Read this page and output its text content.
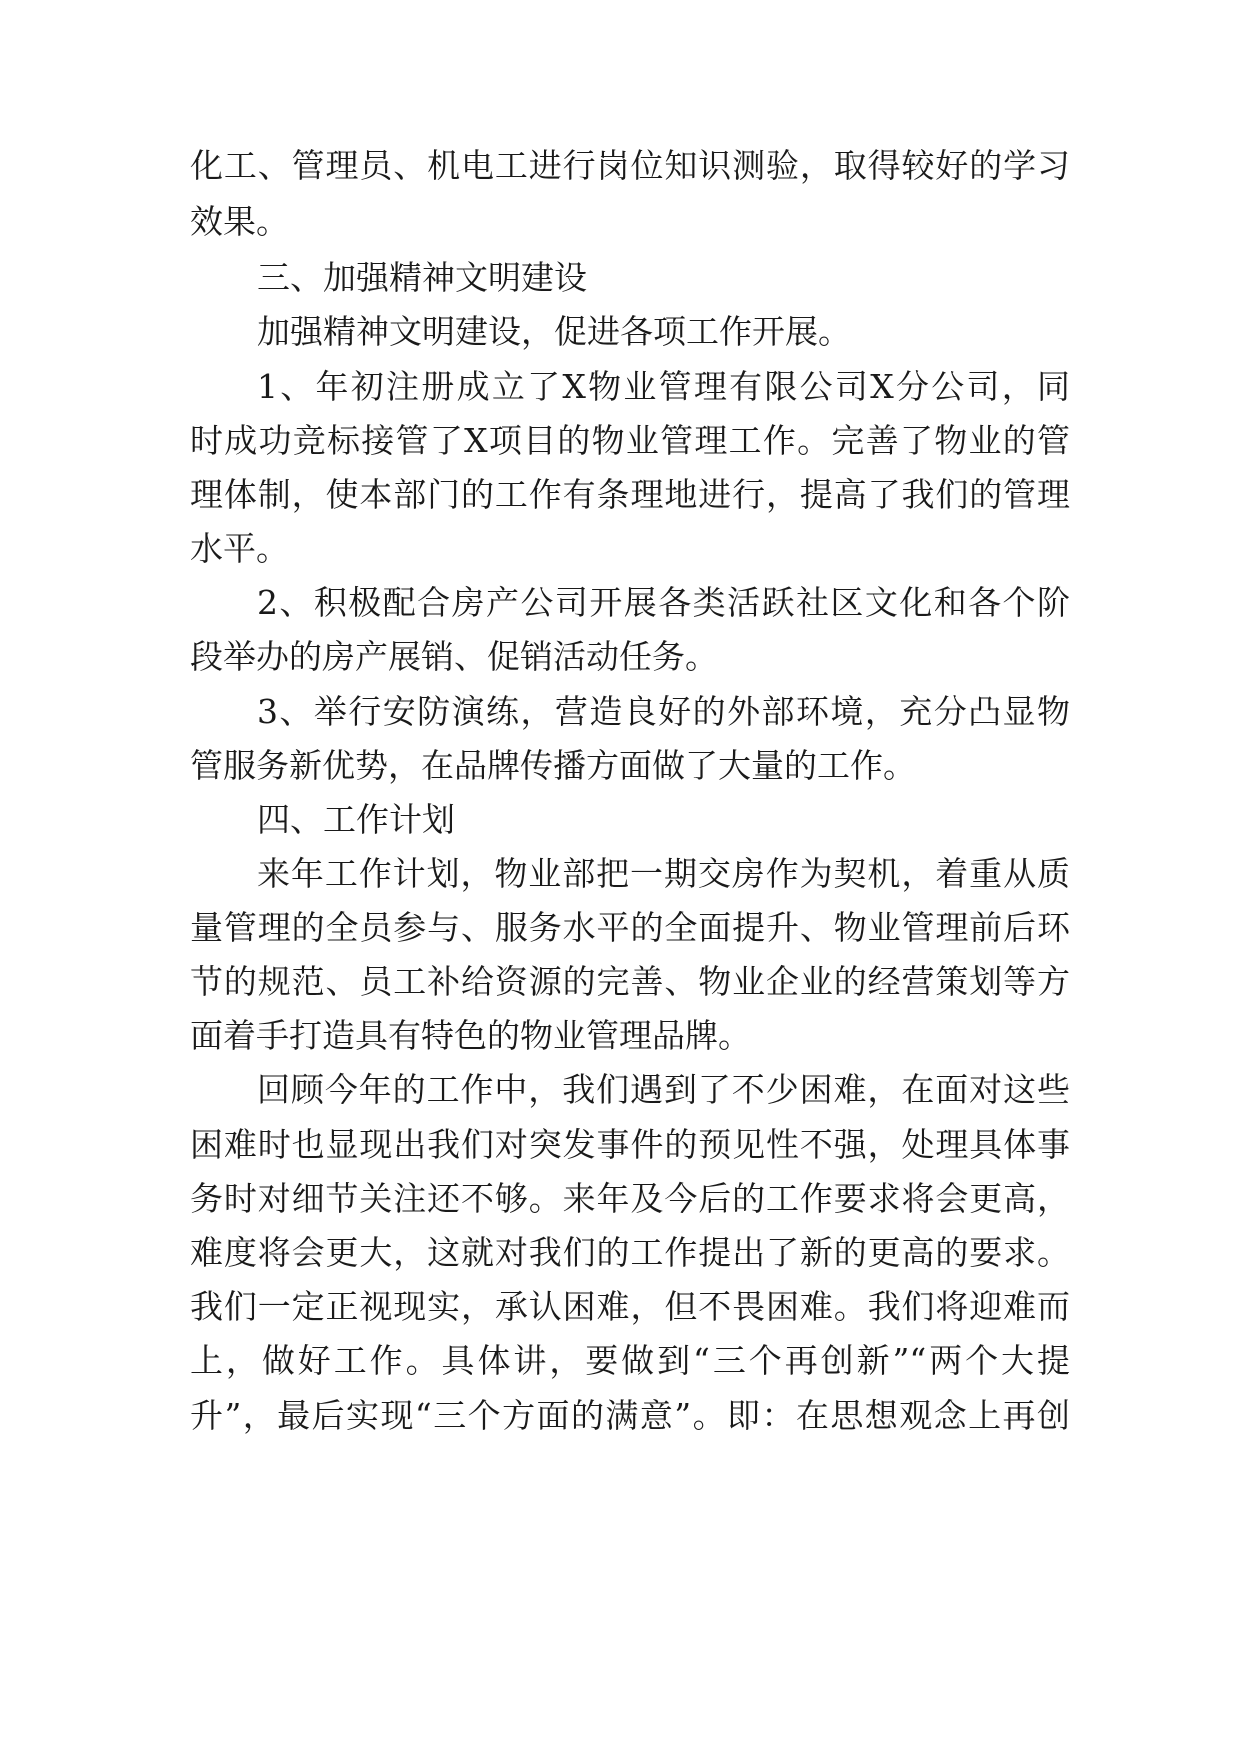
化工、管理员、机电工进行岗位知识测验，取得较好的学习
效果。
三、加强精神文明建设
加强精神文明建设，促进各项工作开展。
1、年初注册成立了X物业管理有限公司X分公司，同
时成功竞标接管了X项目的物业管理工作。完善了物业的管
理体制，使本部门的工作有条理地进行，提高了我们的管理
水平。
2、积极配合房产公司开展各类活跃社区文化和各个阶
段举办的房产展销、促销活动任务。
3、举行安防演练，营造良好的外部环境，充分凸显物
管服务新优势，在品牌传播方面做了大量的工作。
四、工作计划
来年工作计划，物业部把一期交房作为契机，着重从质
量管理的全员参与、服务水平的全面提升、物业管理前后环
节的规范、员工补给资源的完善、物业企业的经营策划等方
面着手打造具有特色的物业管理品牌。
回顾今年的工作中，我们遇到了不少困难，在面对这些
困难时也显现出我们对突发事件的预见性不强，处理具体事
务时对细节关注还不够。来年及今后的工作要求将会更高，
难度将会更大，这就对我们的工作提出了新的更高的要求。
我们一定正视现实，承认困难，但不畏困难。我们将迎难而
上，做好工作。具体讲，要做到“三个再创新”“两个大提
升”，最后实现“三个方面的满意”。即：在思想观念上再创
